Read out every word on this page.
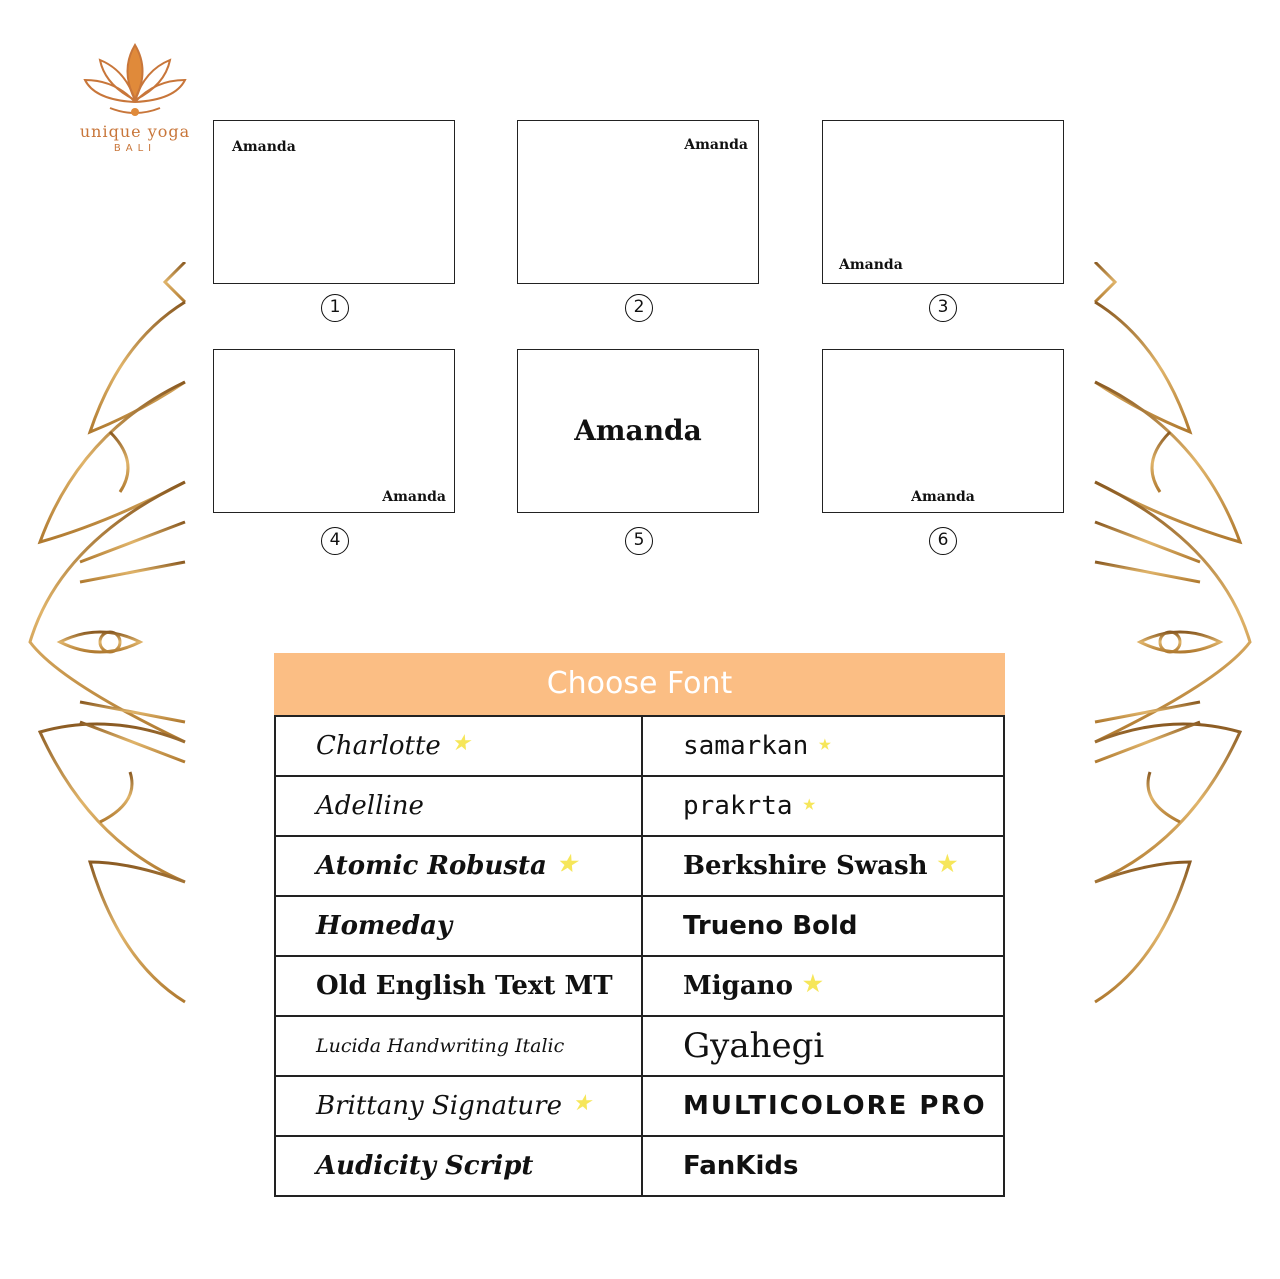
unique yoga
BALI	Amanda
1
Amanda
2
Amanda
3
Amanda
4
Amanda
5
Amanda
6
Choose Font
Charlotte ★	samarkan ★
Adelline	prakrta ★
Atomic Robusta ★	Berkshire Swash ★
Homeday	Trueno Bold
Old English Text MT	Migano ★
Lucida Handwriting Italic	Gyahegi
Brittany Signature ★	MULTICOLORE PRO
Audicity Script	FanKids
